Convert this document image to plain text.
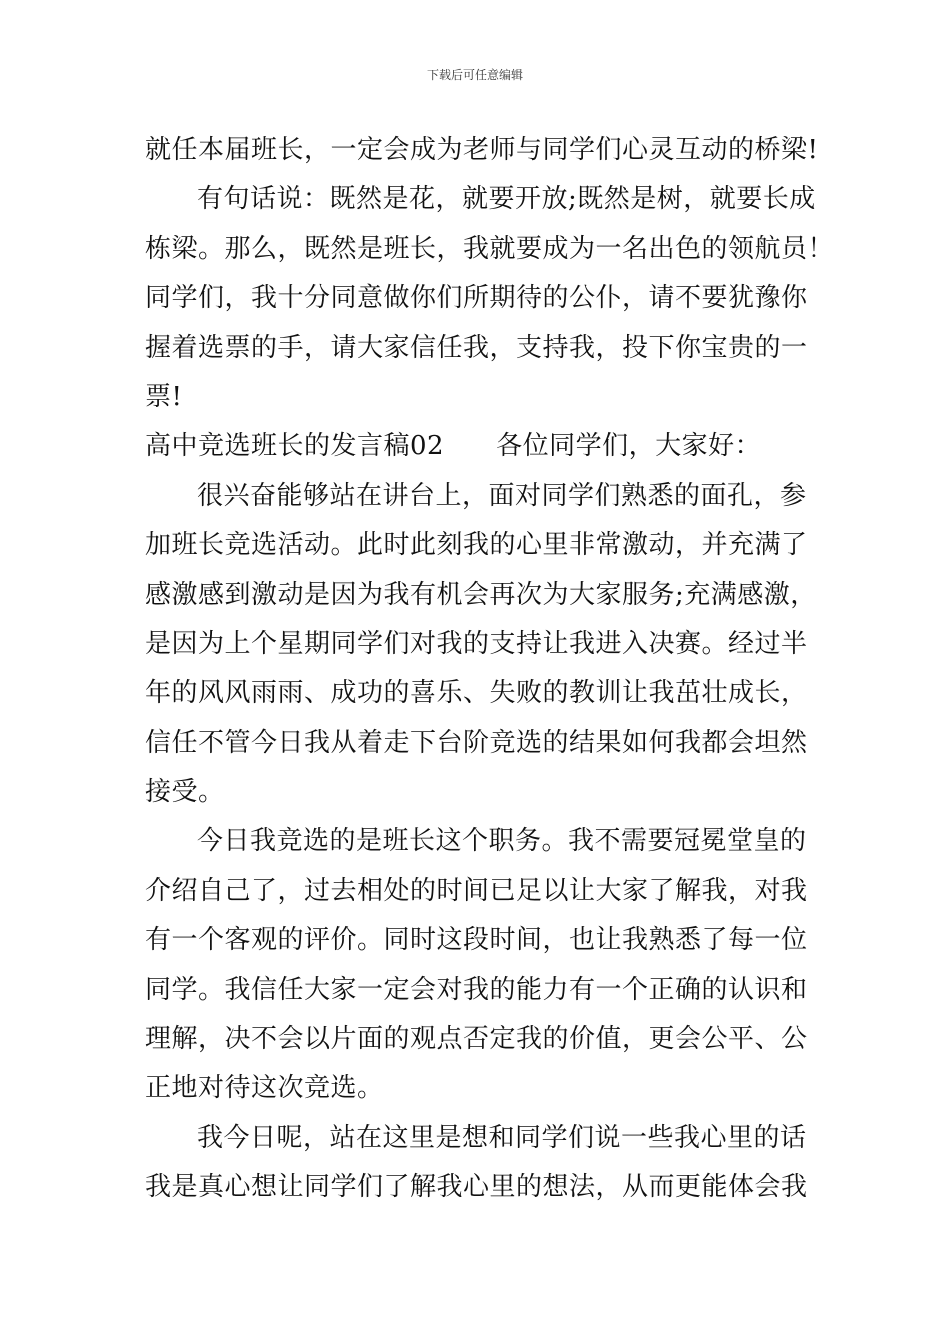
下载后可任意编辑
就任本届班长，一定会成为老师与同学们心灵互动的桥梁!
有句话说：既然是花，就要开放;既然是树，就要长成
栋梁。那么，既然是班长，我就要成为一名出色的领航员！
同学们，我十分同意做你们所期待的公仆，请不要犹豫你
握着选票的手，请大家信任我，支持我，投下你宝贵的一
票!
高中竞选班长的发言稿02 各位同学们，大家好：
很兴奋能够站在讲台上，面对同学们熟悉的面孔，参
加班长竞选活动。此时此刻我的心里非常激动，并充满了
感激感到激动是因为我有机会再次为大家服务;充满感激，
是因为上个星期同学们对我的支持让我进入决赛。经过半
年的风风雨雨、成功的喜乐、失败的教训让我茁壮成长，
信任不管今日我从着走下台阶竞选的结果如何我都会坦然
接受。
今日我竞选的是班长这个职务。我不需要冠冕堂皇的
介绍自己了，过去相处的时间已足以让大家了解我，对我
有一个客观的评价。同时这段时间，也让我熟悉了每一位
同学。我信任大家一定会对我的能力有一个正确的认识和
理解，决不会以片面的观点否定我的价值，更会公平、公
正地对待这次竞选。
我今日呢，站在这里是想和同学们说一些我心里的话
我是真心想让同学们了解我心里的想法，从而更能体会我
